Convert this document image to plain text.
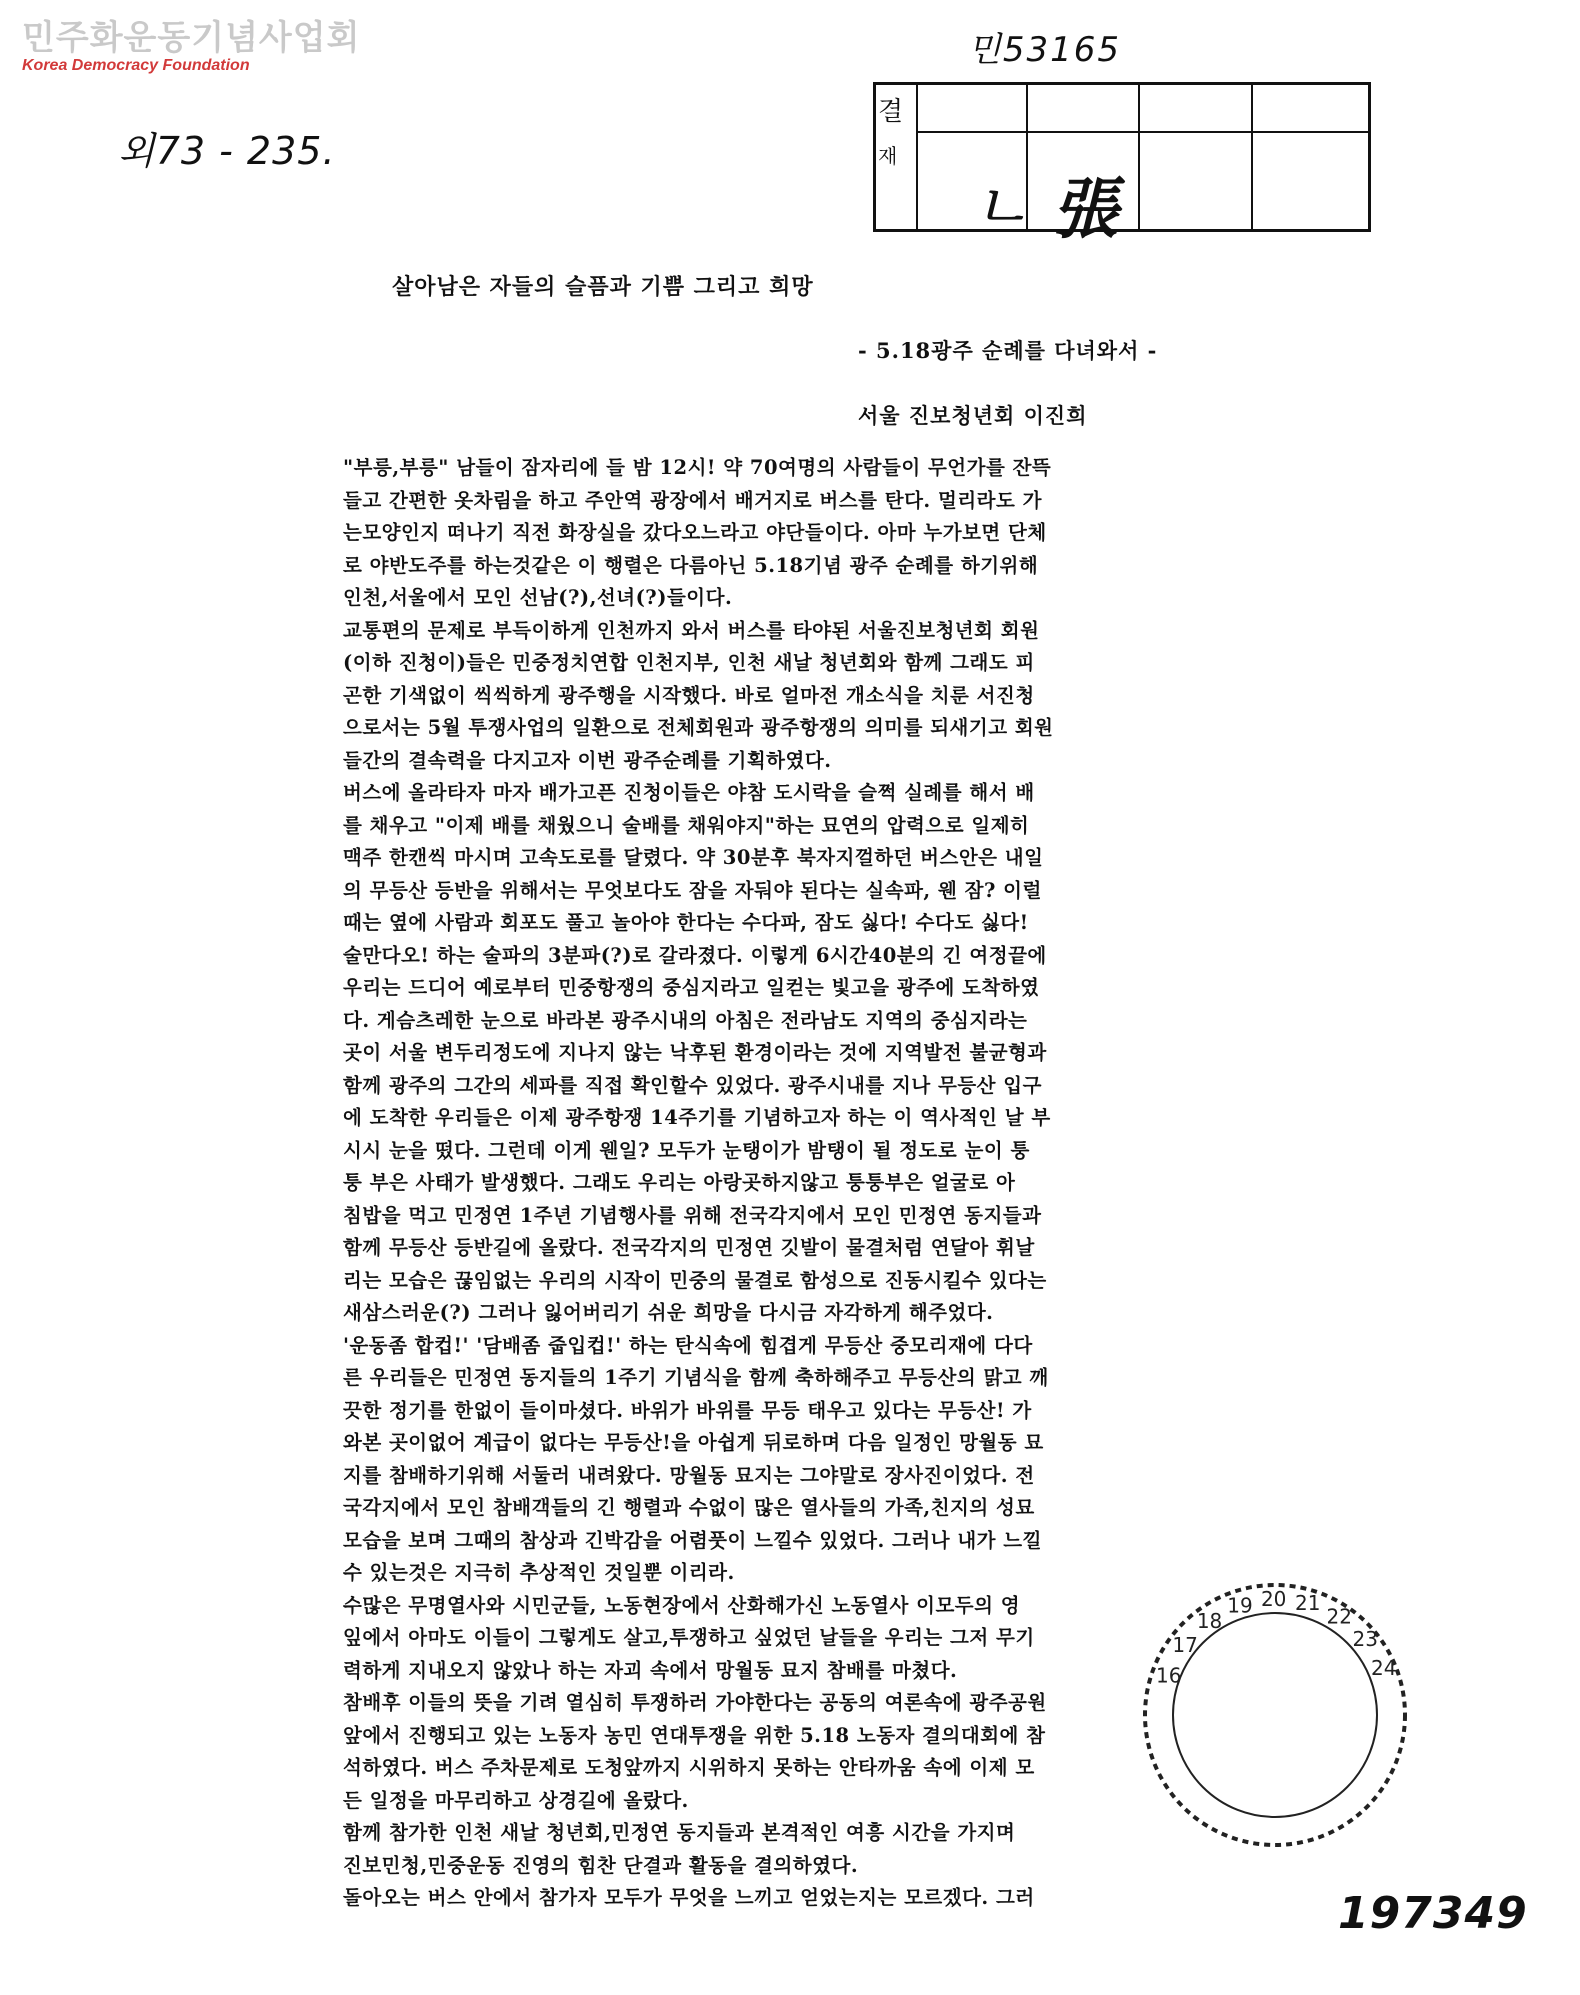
민주화운동기념사업회
Korea Democracy Foundation	민53165
외73 - 235.
결
재
ㄴ 張
살아남은 자들의 슬픔과 기쁨 그리고 희망
- 5.18광주 순례를 다녀와서 -
서울 진보청년회 이진희
"부릉,부릉" 남들이 잠자리에 들 밤 12시! 약 70여명의 사람들이 무언가를 잔뜩
들고 간편한 옷차림을 하고 주안역 광장에서 배거지로 버스를 탄다. 멀리라도 가
는모양인지 떠나기 직전 화장실을 갔다오느라고 야단들이다. 아마 누가보면 단체
로 야반도주를 하는것같은 이 행렬은 다름아닌 5.18기념 광주 순례를 하기위해
인천,서울에서 모인 선남(?),선녀(?)들이다.
교통편의 문제로 부득이하게 인천까지 와서 버스를 타야된 서울진보청년회 회원
(이하 진청이)들은 민중정치연합 인천지부, 인천 새날 청년회와 함께 그래도 피
곤한 기색없이 씩씩하게 광주행을 시작했다. 바로 얼마전 개소식을 치룬 서진청
으로서는 5월 투쟁사업의 일환으로 전체회원과 광주항쟁의 의미를 되새기고 회원
들간의 결속력을 다지고자 이번 광주순례를 기획하였다.
버스에 올라타자 마자 배가고픈 진청이들은 야참 도시락을 슬쩍 실례를 해서 배
를 채우고 "이제 배를 채웠으니 술배를 채워야지"하는 묘연의 압력으로 일제히
맥주 한캔씩 마시며 고속도로를 달렸다. 약 30분후 북자지껄하던 버스안은 내일
의 무등산 등반을 위해서는 무엇보다도 잠을 자둬야 된다는 실속파, 웬 잠? 이럴
때는 옆에 사람과 회포도 풀고 놀아야 한다는 수다파, 잠도 싫다! 수다도 싫다!
술만다오! 하는 술파의 3분파(?)로 갈라졌다. 이렇게 6시간40분의 긴 여정끝에
우리는 드디어 예로부터 민중항쟁의 중심지라고 일컫는 빛고을 광주에 도착하였
다. 게슴츠레한 눈으로 바라본 광주시내의 아침은 전라남도 지역의 중심지라는
곳이 서울 변두리정도에 지나지 않는 낙후된 환경이라는 것에 지역발전 불균형과
함께 광주의 그간의 세파를 직접 확인할수 있었다. 광주시내를 지나 무등산 입구
에 도착한 우리들은 이제 광주항쟁 14주기를 기념하고자 하는 이 역사적인 날 부
시시 눈을 떴다. 그런데 이게 웬일? 모두가 눈탱이가 밤탱이 될 정도로 눈이 퉁
퉁 부은 사태가 발생했다. 그래도 우리는 아랑곳하지않고 퉁퉁부은 얼굴로 아
침밥을 먹고 민정연 1주년 기념행사를 위해 전국각지에서 모인 민정연 동지들과
함께 무등산 등반길에 올랐다. 전국각지의 민정연 깃발이 물결처럼 연달아 휘날
리는 모습은 끊임없는 우리의 시작이 민중의 물결로 함성으로 진동시킬수 있다는
새삼스러운(?) 그러나 잃어버리기 쉬운 희망을 다시금 자각하게 해주었다.
'운동좀 합컵!' '담배좀 줍입컵!' 하는 탄식속에 힘겹게 무등산 중모리재에 다다
른 우리들은 민정연 동지들의 1주기 기념식을 함께 축하해주고 무등산의 맑고 깨
끗한 정기를 한없이 들이마셨다. 바위가 바위를 무등 태우고 있다는 무등산! 가
와본 곳이없어 계급이 없다는 무등산!을 아쉽게 뒤로하며 다음 일정인 망월동 묘
지를 참배하기위해 서둘러 내려왔다. 망월동 묘지는 그야말로 장사진이었다. 전
국각지에서 모인 참배객들의 긴 행렬과 수없이 많은 열사들의 가족,친지의 성묘
모습을 보며 그때의 참상과 긴박감을 어렴풋이 느낄수 있었다. 그러나 내가 느낄
수 있는것은 지극히 추상적인 것일뿐 이리라.
수많은 무명열사와 시민군들, 노동현장에서 산화해가신 노동열사 이모두의 영
잎에서 아마도 이들이 그렇게도 살고,투쟁하고 싶었던 날들을 우리는 그저 무기
력하게 지내오지 않았나 하는 자괴 속에서 망월동 묘지 참배를 마쳤다.
참배후 이들의 뜻을 기려 열심히 투쟁하러 가야한다는 공동의 여론속에 광주공원
앞에서 진행되고 있는 노동자 농민 연대투쟁을 위한 5.18 노동자 결의대회에 참
석하였다. 버스 주차문제로 도청앞까지 시위하지 못하는 안타까움 속에 이제 모
든 일정을 마무리하고 상경길에 올랐다.
함께 참가한 인천 새날 청년회,민정연 동지들과 본격적인 여흥 시간을 가지며
진보민청,민중운동 진영의 힘찬 단결과 활동을 결의하였다.
돌아오는 버스 안에서 참가자 모두가 무엇을 느끼고 얻었는지는 모르겠다. 그러
16
17
18
19 20 21
22
23
24
197349
